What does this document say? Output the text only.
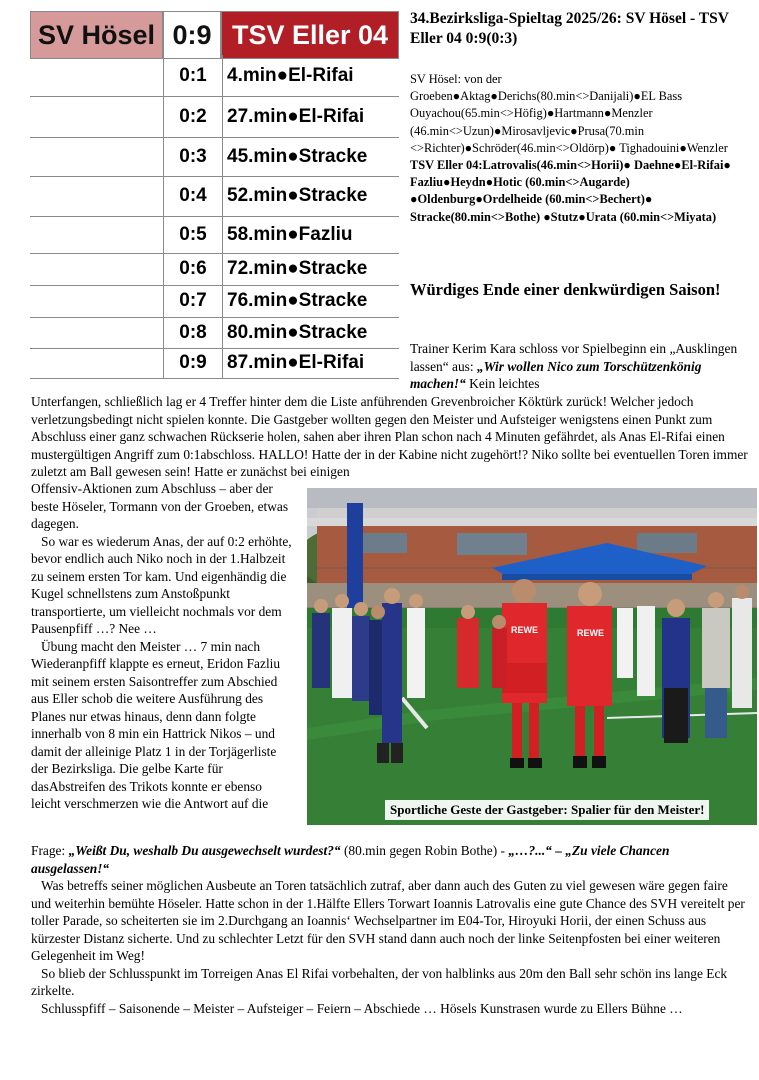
SV Hösel 0:9 TSV Eller 04
0:1	4.min●El-Rifai
0:2	27.min●El-Rifai
0:3	45.min●Stracke
0:4	52.min●Stracke
0:5	58.min●Fazliu
0:6	72.min●Stracke
0:7	76.min●Stracke
0:8	80.min●Stracke
0:9	87.min●El-Rifai
34.Bezirksliga-Spieltag 2025/26: SV Hösel - TSV Eller 04 0:9(0:3)
SV Hösel: von der Groeben●Aktag●Derichs(80.min<>Danijali)●EL Bass Ouyachou(65.min<>Höfig)●Hartmann●Menzler (46.min<>Uzun)●Mirosavljevic●Prusa(70.min <>Richter)●Schröder(46.min<>Oldörp)● Tighadouini●Wenzler
TSV Eller 04:Latrovalis(46.min<>Horii)● Daehne●El-Rifai● Fazliu●Heydn●Hotic (60.min<>Augarde) ●Oldenburg●Ordelheide (60.min<>Bechert)● Stracke(80.min<>Bothe) ●Stutz●Urata (60.min<>Miyata)
Würdiges Ende einer denkwürdigen Saison!
Trainer Kerim Kara schloss vor Spielbeginn ein „Ausklingen lassen“ aus: „Wir wollen Nico zum Torschützenkönig machen!“ Kein leichtes
Unterfangen, schließlich lag er 4 Treffer hinter dem die Liste anführenden Grevenbroicher Köktürk zurück! Welcher jedoch verletzungsbedingt nicht spielen konnte. Die Gastgeber wollten gegen den Meister und Aufsteiger wenigstens einen Punkt zum Abschluss einer ganz schwachen Rückserie holen, sahen aber ihren Plan schon nach 4 Minuten gefährdet, als Anas El-Rifai einen mustergültigen Angriff zum 0:1abschloss. HALLO! Hatte der in der Kabine nicht zugehört!? Niko sollte bei eventuellen Toren immer zuletzt am Ball gewesen sein! Hatte er zunächst bei einigen

Offensiv-Aktionen zum Abschluss – aber der beste Höseler, Tormann von der Groeben, etwas dagegen.

So war es wiederum Anas, der auf 0:2 erhöhte, bevor endlich auch Niko noch in der 1.Halbzeit zu seinem ersten Tor kam. Und eigenhändig die Kugel schnellstens zum Anstoßpunkt transportierte, um vielleicht nochmals vor dem Pausenpfiff …? Nee …

Übung macht den Meister … 7 min nach Wiederanpfiff klappte es erneut, Eridon Fazliu mit seinem ersten Saisontreffer zum Abschied aus Eller schob die weitere Ausführung des Planes nur etwas hinaus, denn dann folgte innerhalb von 8 min ein Hattrick Nikos – und damit der alleinige Platz 1 in der Torjägerliste der Bezirksliga. Die gelbe Karte für dasAbstreifen des Trikots konnte er ebenso leicht verschmerzen wie die Antwort auf die

REWE	REWE
Sportliche Geste der Gastgeber: Spalier für den Meister!

Frage: „Weißt Du, weshalb Du ausgewechselt wurdest?“ (80.min gegen Robin Bothe) - „…?...“ – „Zu viele Chancen ausgelassen!“

Was betreffs seiner möglichen Ausbeute an Toren tatsächlich zutraf, aber dann auch des Guten zu viel gewesen wäre gegen faire und weiterhin bemühte Höseler. Hatte schon in der 1.Hälfte Ellers Torwart Ioannis Latrovalis eine gute Chance des SVH vereitelt per toller Parade, so scheiterten sie im 2.Durchgang an Ioannis‘ Wechselpartner im E04-Tor, Hiroyuki Horii, der einen Schuss aus kürzester Distanz sicherte. Und zu schlechter Letzt für den SVH stand dann auch noch der linke Seitenpfosten bei einer weiteren Gelegenheit im Weg!

So blieb der Schlusspunkt im Torreigen Anas El Rifai vorbehalten, der von halblinks aus 20m den Ball sehr schön ins lange Eck zirkelte.

Schlusspfiff – Saisonende – Meister – Aufsteiger – Feiern – Abschiede … Hösels Kunstrasen wurde zu Ellers Bühne …
